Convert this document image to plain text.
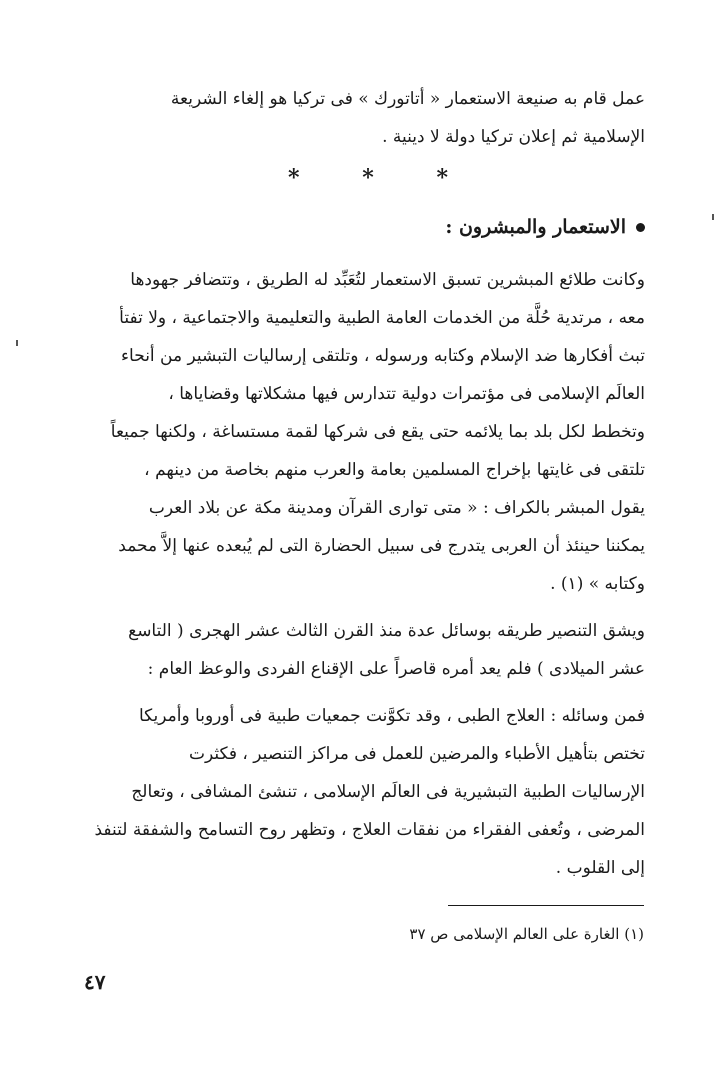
عمل قام به صنيعة الاستعمار « أتاتورك » فى تركيا هو إلغاء الشريعة
الإسلامية ثم إعلان تركيا دولة لا دينية .
*	*	*
الاستعمار والمبشرون :
وكانت طلائع المبشرين تسبق الاستعمار لتُعَبِّد له الطريق ، وتتضافر جهودها
معه ، مرتدية حُلَّة من الخدمات العامة الطبية والتعليمية والاجتماعية ، ولا تفتأ
تبث أفكارها ضد الإسلام وكتابه ورسوله ، وتلتقى إرساليات التبشير من أنحاء
العالَم الإسلامى فى مؤتمرات دولية تتدارس فيها مشكلاتها وقضاياها ،
وتخطط لكل بلد بما يلائمه حتى يقع فى شركها لقمة مستساغة ، ولكنها جميعاً
تلتقى فى غايتها بإخراج المسلمين بعامة والعرب منهم بخاصة من دينهم ،
يقول المبشر بالكراف : « متى توارى القرآن ومدينة مكة عن بلاد العرب
يمكننا حينئذ أن العربى يتدرج فى سبيل الحضارة التى لم يُبعده عنها إلاَّ محمد
وكتابه » (١) .
ويشق التنصير طريقه بوسائل عدة منذ القرن الثالث عشر الهجرى ( التاسع
عشر الميلادى ) فلم يعد أمره قاصراً على الإقناع الفردى والوعظ العام :
فمن وسائله : العلاج الطبى ، وقد تكوَّنت جمعيات طبية فى أوروبا وأمريكا
تختص بتأهيل الأطباء والمرضين للعمل فى مراكز التنصير ، فكثرت
الإرساليات الطبية التبشيرية فى العالَم الإسلامى ، تنشئ المشافى ، وتعالج
المرضى ، وتُعفى الفقراء من نفقات العلاج ، وتظهر روح التسامح والشفقة لتنفذ
إلى القلوب .
(١) الغارة على العالم الإسلامى ص ٣٧
٤٧
